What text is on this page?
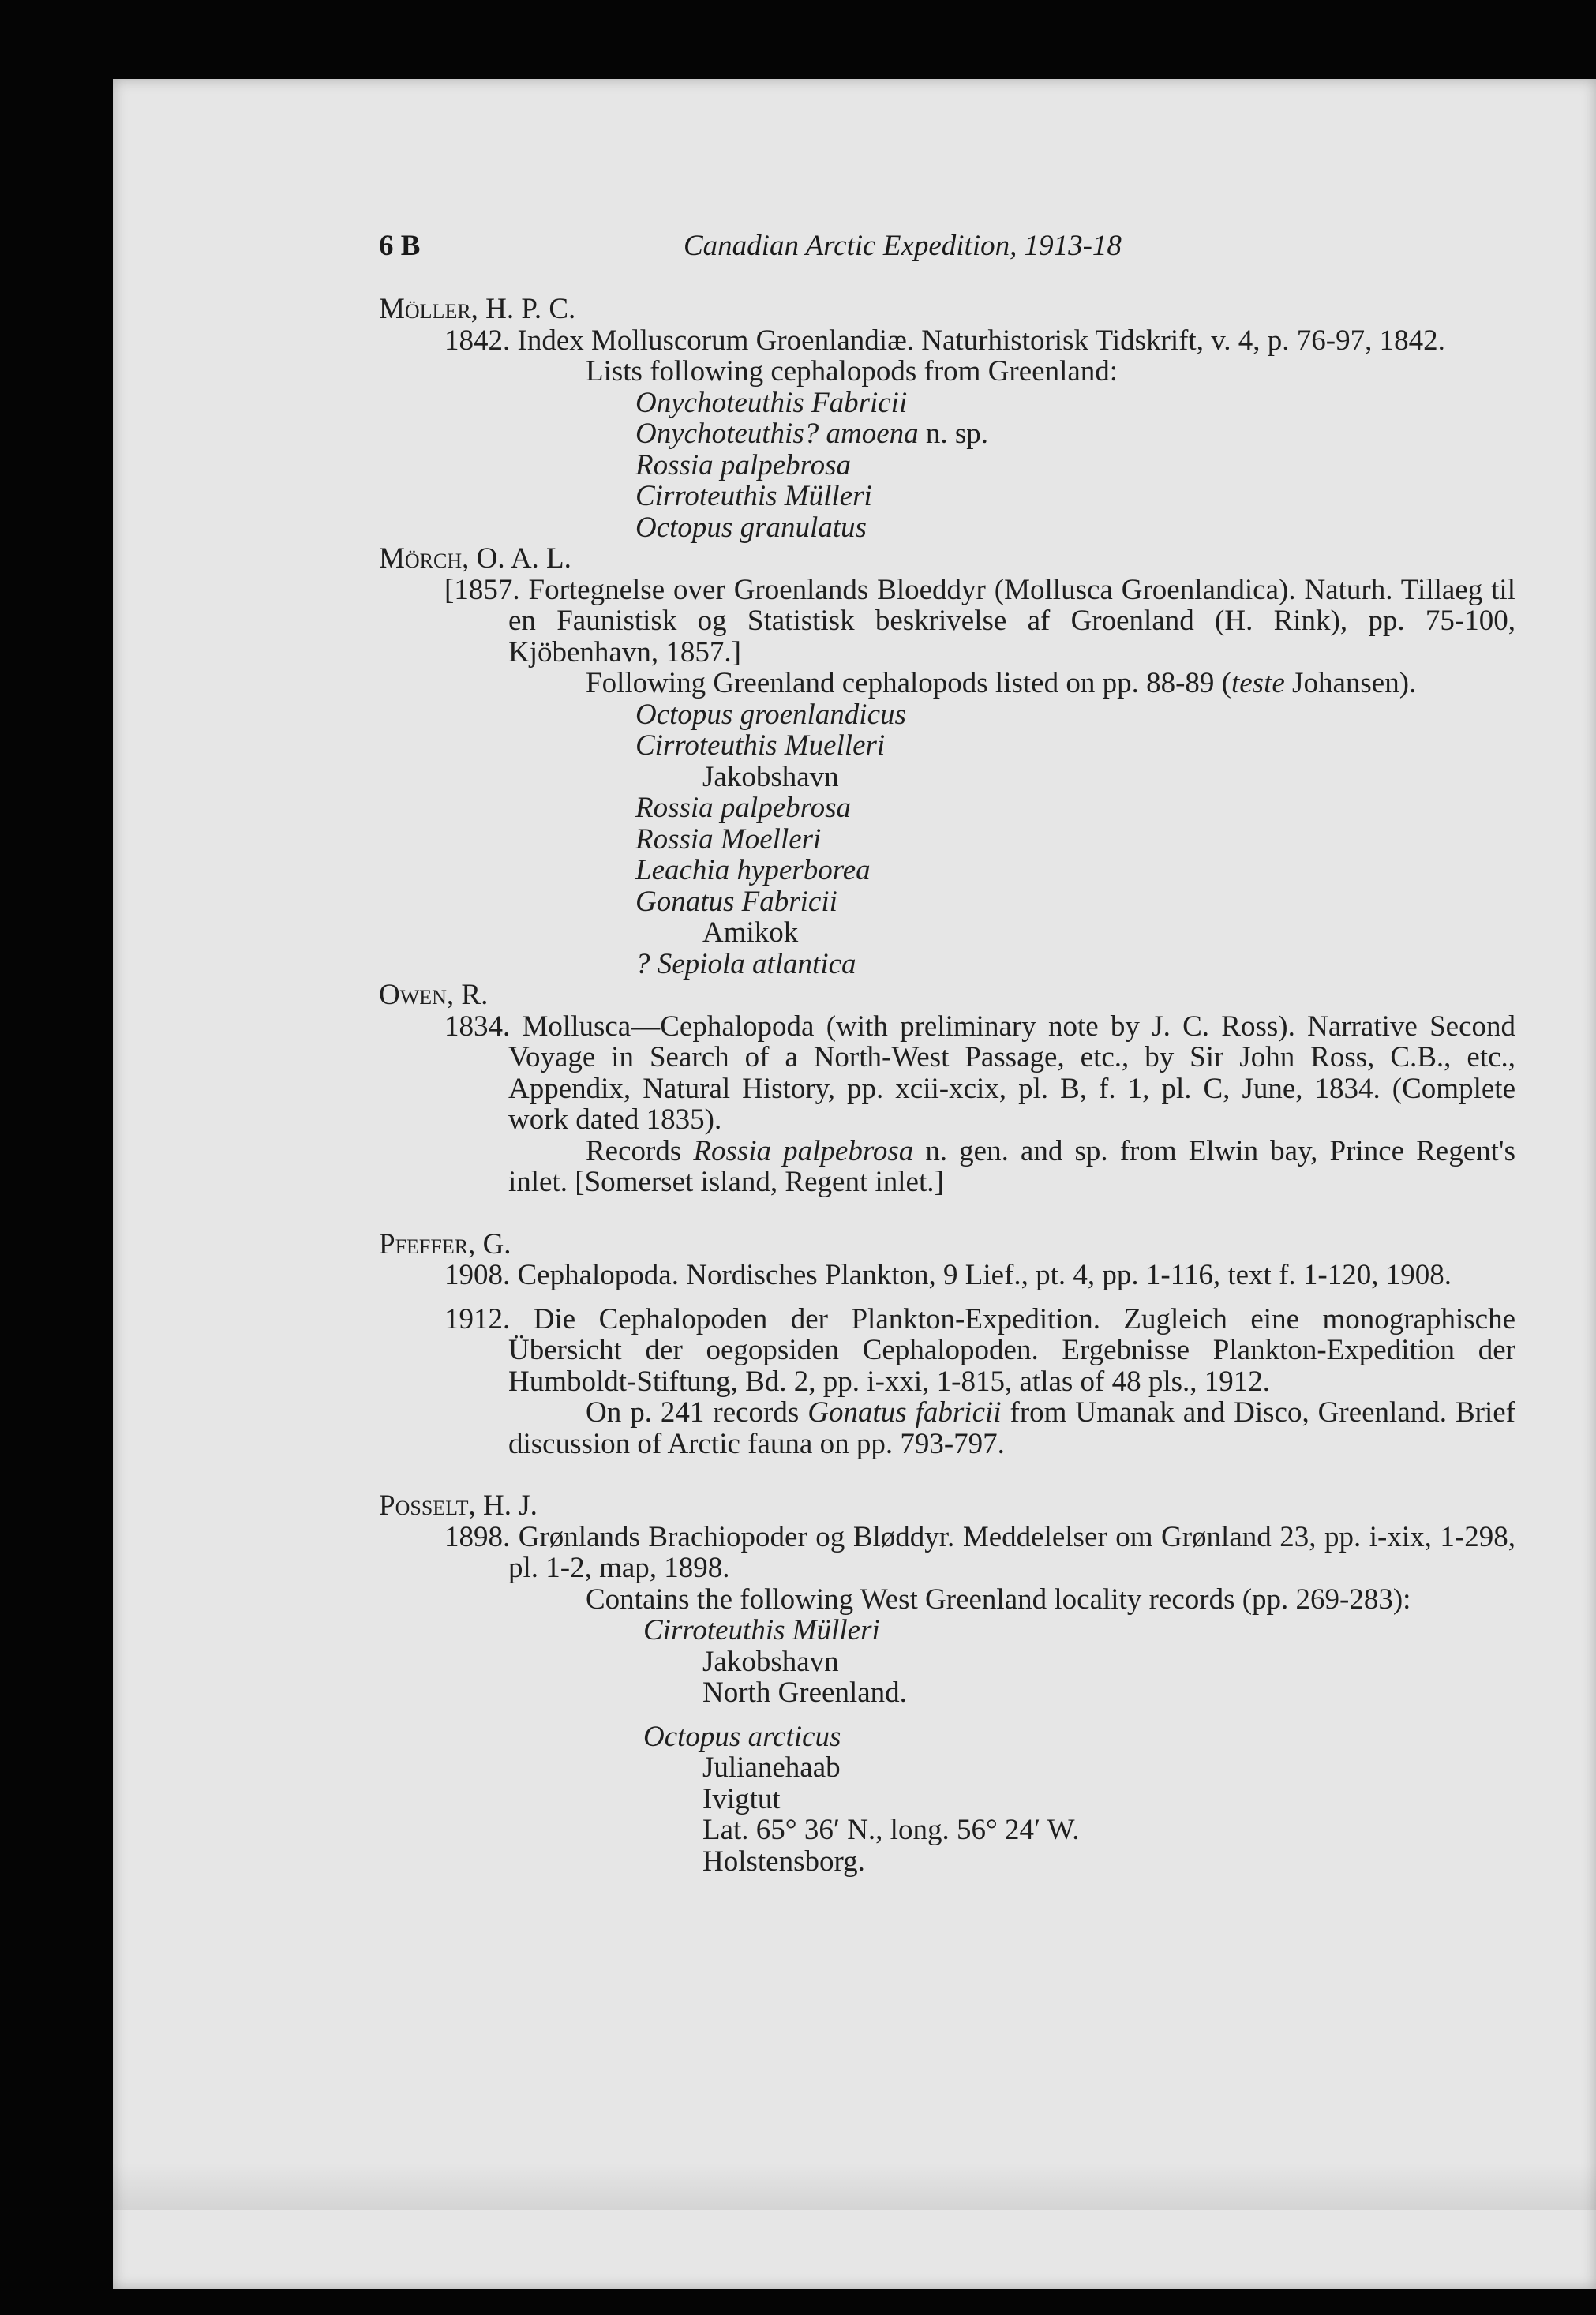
6 B	Canadian Arctic Expedition, 1913-18

Möller, H. P. C.

1842. Index Molluscorum Groenlandiæ. Naturhistorisk Tidskrift, v. 4, p. 76-97, 1842.

Lists following cephalopods from Greenland:

Onychoteuthis Fabricii

Onychoteuthis? amoena n. sp.

Rossia palpebrosa

Cirroteuthis Mülleri

Octopus granulatus

Mörch, O. A. L.

[1857. Fortegnelse over Groenlands Bloeddyr (Mollusca Groenlandica). Naturh. Tillaeg til en Faunistisk og Statistisk beskrivelse af Groenland (H. Rink), pp. 75-100, Kjöbenhavn, 1857.]

Following Greenland cephalopods listed on pp. 88-89 (teste Johansen).

Octopus groenlandicus

Cirroteuthis Muelleri

Jakobshavn

Rossia palpebrosa

Rossia Moelleri

Leachia hyperborea

Gonatus Fabricii

Amikok

? Sepiola atlantica

Owen, R.

1834. Mollusca—Cephalopoda (with preliminary note by J. C. Ross). Narrative Second Voyage in Search of a North-West Passage, etc., by Sir John Ross, C.B., etc., Appendix, Natural History, pp. xcii-xcix, pl. B, f. 1, pl. C, June, 1834. (Complete work dated 1835).

Records Rossia palpebrosa n. gen. and sp. from Elwin bay, Prince Regent's inlet. [Somerset island, Regent inlet.]

Pfeffer, G.

1908. Cephalopoda. Nordisches Plankton, 9 Lief., pt. 4, pp. 1-116, text f. 1-120, 1908.

1912. Die Cephalopoden der Plankton-Expedition. Zugleich eine monographische Übersicht der oegopsiden Cephalopoden. Ergebnisse Plankton-Expedition der Humboldt-Stiftung, Bd. 2, pp. i-xxi, 1-815, atlas of 48 pls., 1912.

On p. 241 records Gonatus fabricii from Umanak and Disco, Greenland. Brief discussion of Arctic fauna on pp. 793-797.

Posselt, H. J.

1898. Grønlands Brachiopoder og Bløddyr. Meddelelser om Grønland 23, pp. i-xix, 1-298, pl. 1-2, map, 1898.

Contains the following West Greenland locality records (pp. 269-283):

Cirroteuthis Mülleri

Jakobshavn

North Greenland.

Octopus arcticus

Julianehaab

Ivigtut

Lat. 65° 36′ N., long. 56° 24′ W.

Holstensborg.
